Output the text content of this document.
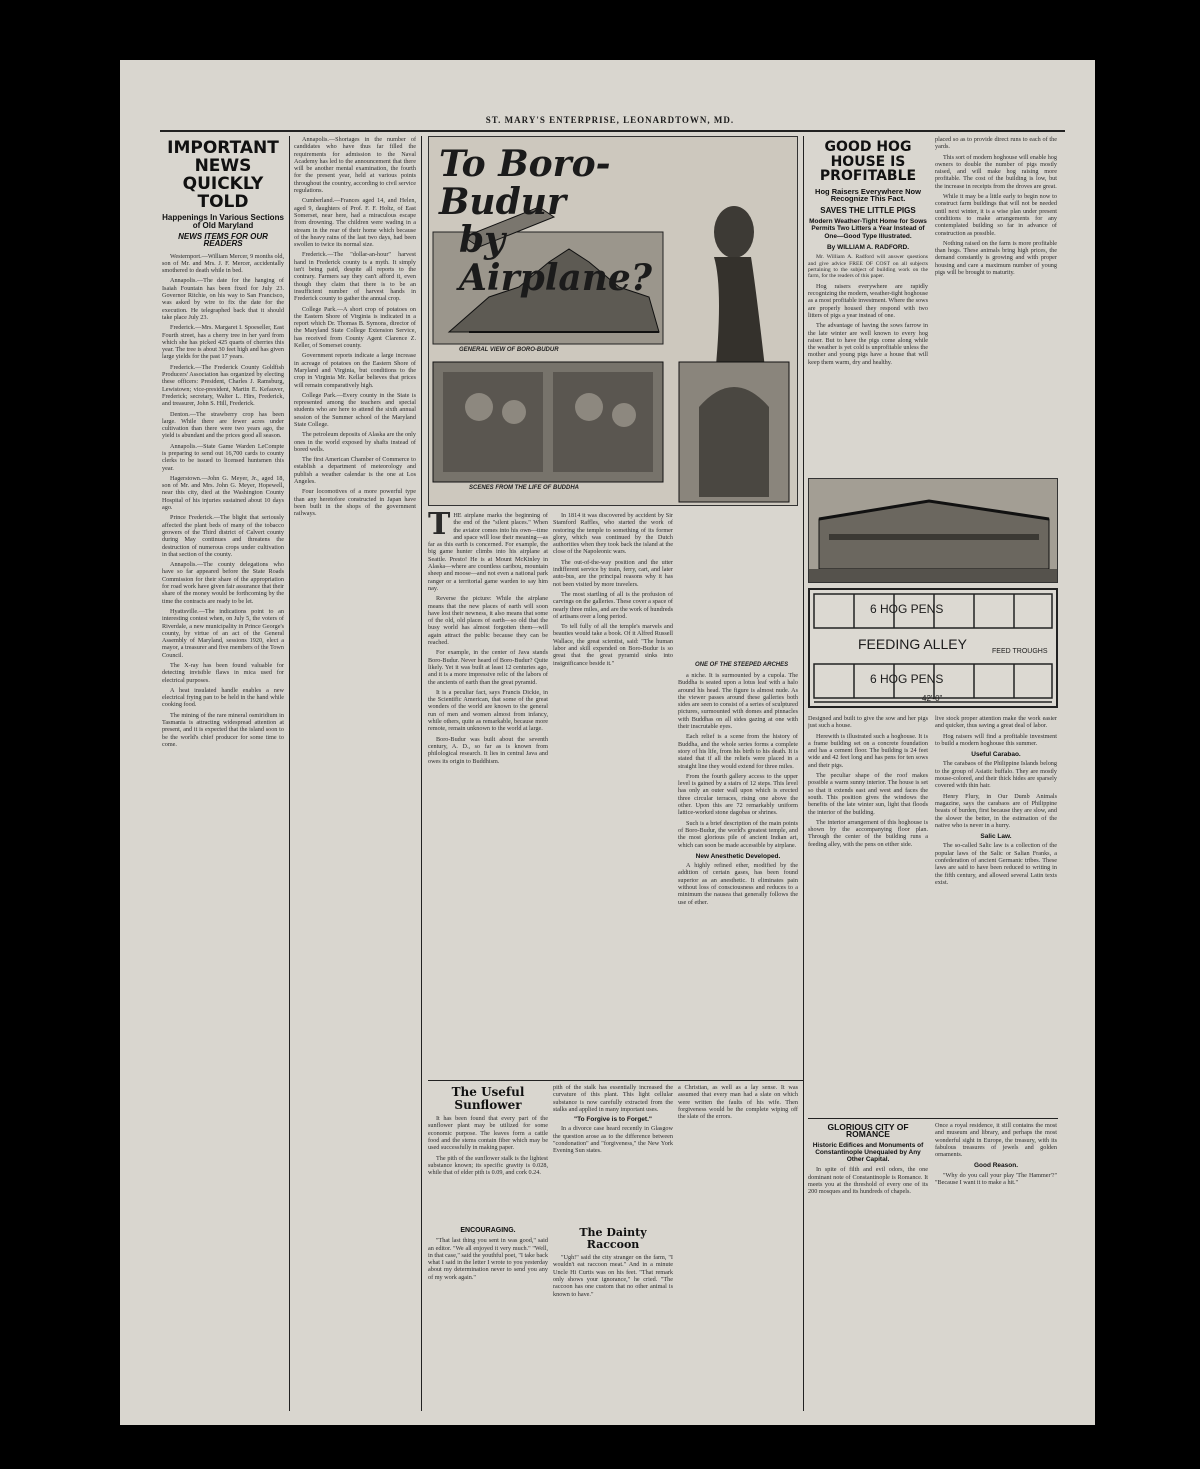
ST. MARY'S ENTERPRISE, LEONARDTOWN, MD.
IMPORTANT NEWS QUICKLY TOLD
Happenings In Various Sections of Old Maryland
NEWS ITEMS FOR OUR READERS

Westernport.—William Mercer, 9 months old, son of Mr. and Mrs. J. F. Mercer, accidentally smothered to death while in bed.

Annapolis.—The date for the hanging of Isaiah Fountain has been fixed for July 23. Governor Ritchie, on his way to San Francisco, was asked by wire to fix the date for the execution. He telegraphed back that it should take place July 23.

Frederick.—Mrs. Margaret I. Spoeseller, East Fourth street, has a cherry tree in her yard from which she has picked 425 quarts of cherries this year. The tree is about 30 feet high and has given large yields for the past 17 years.

Frederick.—The Frederick County Goldfish Producers' Association has organized by electing these officers: President, Charles J. Ramsburg, Lewistown; vice-president, Martin E. Kefauver, Frederick; secretary, Walter L. Hirs, Frederick, and treasurer, John S. Hill, Frederick.

Denton.—The strawberry crop has been large. While there are fewer acres under cultivation than there were two years ago, the yield is abundant and the prices good all season.

Annapolis.—State Game Warden LeCompte is preparing to send out 16,700 cards to county clerks to be issued to licensed huntsmen this year.

Hagerstown.—John G. Meyer, Jr., aged 18, son of Mr. and Mrs. John G. Meyer, Hopewell, near this city, died at the Washington County Hospital of his injuries sustained about 10 days ago.

Prince Frederick.—The blight that seriously affected the plant beds of many of the tobacco growers of the Third district of Calvert county during May continues and threatens the destruction of numerous crops under cultivation in that section of the county.

Annapolis.—The county delegations who have so far appeared before the State Roads Commission for their share of the appropriation for road work have given fair assurance that their share of the money would be forthcoming by the time the contracts are ready to be let.

Hyattsville.—The indications point to an interesting contest when, on July 5, the voters of Riverdale, a new municipality in Prince George's county, by virtue of an act of the General Assembly of Maryland, sessions 1920, elect a mayor, a treasurer and five members of the Town Council.

The X-ray has been found valuable for detecting invisible flaws in mica used for electrical purposes.

A heat insulated handle enables a new electrical frying pan to be held in the hand while cooking food.

The mining of the rare mineral osmiridium in Tasmania is attracting widespread attention at present, and it is expected that the island soon to be the world's chief producer for some time to come.

Annapolis.—Shortages in the number of candidates who have thus far filled the requirements for admission to the Naval Academy has led to the announcement that there will be another mental examination, the fourth for the present year, held at various points throughout the country, according to civil service regulations.

Cumberland.—Frances aged 14, and Helen, aged 9, daughters of Prof. F. F. Holtz, of East Somerset, near here, had a miraculous escape from drowning. The children were wading in a stream in the rear of their home which because of the heavy rains of the last two days, had been swollen to twice its normal size.

Frederick.—The "dollar-an-hour" harvest hand in Frederick county is a myth. It simply isn't being paid, despite all reports to the contrary. Farmers say they can't afford it, even though they claim that there is to be an insufficient number of harvest hands in Frederick county to gather the annual crop.

College Park.—A short crop of potatoes on the Eastern Shore of Virginia is indicated in a report which Dr. Thomas B. Symons, director of the Maryland State College Extension Service, has received from County Agent Clarence Z. Keller, of Somerset county.

Government reports indicate a large increase in acreage of potatoes on the Eastern Shore of Maryland and Virginia, but conditions to the crop in Virginia Mr. Kellar believes that prices will remain comparatively high.

College Park.—Every county in the State is represented among the teachers and special students who are here to attend the sixth annual session of the Summer school of the Maryland State College.

The petroleum deposits of Alaska are the only ones in the world exposed by shafts instead of bored wells.

The first American Chamber of Commerce to establish a department of meteorology and publish a weather calendar is the one at Los Angeles.

Four locomotives of a more powerful type than any heretofore constructed in Japan have been built in the shops of the government railways.

To Boro-Budur
by Airplane?
GENERAL VIEW OF BORO-BUDUR
SCENES FROM THE LIFE OF BUDDHA
ONE OF THE STEEPED ARCHES

THE airplane marks the beginning of the end of the "silent places." When the aviator comes into his own—time and space will lose their meaning—as far as this earth is concerned. For example, the big game hunter climbs into his airplane at Seattle. Presto! He is at Mount McKinley in Alaska—where are countless caribou, mountain sheep and moose—and not even a national park ranger or a territorial game warden to say him nay.

Reverse the picture: While the airplane means that the new places of earth will soon have lost their newness, it also means that some of the old, old places of earth—so old that the busy world has almost forgotten them—will again attract the public because they can be reached.

For example, in the center of Java stands Boro-Budur. Never heard of Boro-Budur? Quite likely. Yet it was built at least 12 centuries ago, and it is a more impressive relic of the labors of the ancients of earth than the great pyramid.

It is a peculiar fact, says Francis Dickie, in the Scientific American, that some of the great wonders of the world are known to the general run of men and women almost from infancy, while others, quite as remarkable, because more remote, remain unknown to the world at large.

Boro-Budur was built about the seventh century, A. D., so far as is known from philological research. It lies in central Java and owes its origin to Buddhism.

In 1814 it was discovered by accident by Sir Stamford Raffles, who started the work of restoring the temple to something of its former glory, which was continued by the Dutch authorities when they took back the island at the close of the Napoleonic wars.

The out-of-the-way position and the utter indifferent service by train, ferry, cart, and later auto-bus, are the principal reasons why it has not been visited by more travelers.

The most startling of all is the profusion of carvings on the galleries. These cover a space of nearly three miles, and are the work of hundreds of artisans over a long period.

To tell fully of all the temple's marvels and beauties would take a book. Of it Alfred Russell Wallace, the great scientist, said: "The human labor and skill expended on Boro-Budur is so great that the great pyramid sinks into insignificance beside it."

a niche. It is surmounted by a cupola. The Buddha is seated upon a lotus leaf with a halo around his head. The figure is almost nude. As the viewer passes around these galleries both sides are seen to consist of a series of sculptured pictures, surmounted with domes and pinnacles with Buddhas on all sides gazing at one with their inscrutable eyes.

Each relief is a scene from the history of Buddha, and the whole series forms a complete story of his life, from his birth to his death. It is stated that if all the reliefs were placed in a straight line they would extend for three miles.

From the fourth gallery access to the upper level is gained by a stairs of 12 steps. This level has only an outer wall upon which is erected three circular terraces, rising one above the other. Upon this are 72 remarkably uniform lattice-worked stone dagobas or shrines.

Such is a brief description of the main points of Boro-Budur, the world's greatest temple, and the most glorious pile of ancient Indian art, which can soon be made accessible by airplane.

New Anesthetic Developed.

A highly refined ether, modified by the addition of certain gases, has been found superior as an anesthetic. It eliminates pain without loss of consciousness and reduces to a minimum the nausea that generally follows the use of ether.

GOOD HOG HOUSE IS PROFITABLE
Hog Raisers Everywhere Now Recognize This Fact.
SAVES THE LITTLE PIGS
Modern Weather-Tight Home for Sows Permits Two Litters a Year Instead of One—Good Type Illustrated.
By WILLIAM A. RADFORD.

Mr. William A. Radford will answer questions and give advice FREE OF COST on all subjects pertaining to the subject of building work on the farm, for the readers of this paper.

Hog raisers everywhere are rapidly recognizing the modern, weather-tight hoghouse as a most profitable investment. Where the sows are properly housed they respond with two litters of pigs a year instead of one.

The advantage of having the sows farrow in the late winter are well known to every hog raiser. But to have the pigs come along while the weather is yet cold is unprofitable unless the mother and young pigs have a house that will keep them warm, dry and healthy.

placed so as to provide direct runs to each of the yards.

This sort of modern hoghouse will enable hog owners to double the number of pigs mostly raised, and will make hog raising more profitable. The cost of the building is low, but the increase in receipts from the droves are great.

While it may be a little early to begin now to construct farm buildings that will not be needed until next winter, it is a wise plan under present conditions to make arrangements for any contemplated building so far in advance of construction as possible.

Nothing raised on the farm is more profitable than hogs. These animals bring high prices, the demand constantly is growing and with proper housing and care a maximum number of young pigs will be brought to maturity.

6 HOG PENS
FEEDING ALLEY	FEED TROUGHS
6 HOG PENS
42'-0"

Designed and built to give the sow and her pigs just such a house.

Herewith is illustrated such a hoghouse. It is a frame building set on a concrete foundation and has a cement floor. The building is 24 feet wide and 42 feet long and has pens for ten sows and their pigs.

The peculiar shape of the roof makes possible a warm sunny interior. The house is set so that it extends east and west and faces the south. This position gives the windows the benefits of the late winter sun, light that floods the interior of the building.

The interior arrangement of this hoghouse is shown by the accompanying floor plan. Through the center of the building runs a feeding alley, with the pens on either side.

live stock proper attention make the work easier and quicker, thus saving a great deal of labor.

Hog raisers will find a profitable investment to build a modern hoghouse this summer.

Useful Carabao.

The carabaos of the Philippine Islands belong to the group of Asiatic buffalo. They are mostly mouse-colored, and their thick hides are sparsely covered with thin hair.

Henry Flury, in Our Dumb Animals magazine, says the carabaos are of Philippine beasts of burden, first because they are slow, and the slower the better, in the estimation of the native who is never in a hurry.

Salic Law.

The so-called Salic law is a collection of the popular laws of the Salic or Salian Franks, a confederation of ancient Germanic tribes. These laws are said to have been reduced to writing in the fifth century, and allowed several Latin texts exist.

The Useful Sunflower

It has been found that every part of the sunflower plant may be utilized for some economic purpose. The leaves form a cattle food and the stems contain fiber which may be used successfully in making paper.

The pith of the sunflower stalk is the lightest substance known; its specific gravity is 0.028, while that of elder pith is 0.09, and cork 0.24.

pith of the stalk has essentially increased the curvature of this plant. This light cellular substance is now carefully extracted from the stalks and applied in many important uses.

"To Forgive is to Forget."

In a divorce case heard recently in Glasgow the question arose as to the difference between "condonation" and "forgiveness," the New York Evening Sun states.

ENCOURAGING.

"That last thing you sent in was good," said an editor. "We all enjoyed it very much." "Well, in that case," said the youthful poet, "I take back what I said in the letter I wrote to you yesterday about my determination never to send you any of my work again."

The Dainty Raccoon

"Ugh!" said the city stranger on the farm, "I wouldn't eat raccoon meat." And in a minute Uncle Hi Curtis was on his feet. "That remark only shows your ignorance," he cried. "The raccoon has one custom that no other animal is known to have."

a Christian, as well as a lay sense. It was assumed that every man had a slate on which were written the faults of his wife. Then forgiveness would be the complete wiping off the slate of the errors.

GLORIOUS CITY OF ROMANCE
Historic Edifices and Monuments of Constantinople Unequaled by Any Other Capital.

In spite of filth and evil odors, the one dominant note of Constantinople is Romance. It meets you at the threshold of every one of its 200 mosques and its hundreds of chapels.

Once a royal residence, it still contains the most and museum and library, and perhaps the most wonderful sight in Europe, the treasury, with its fabulous treasures of jewels and golden ornaments.

Good Reason.

"Why do you call your play 'The Hammer'?" "Because I want it to make a hit."
